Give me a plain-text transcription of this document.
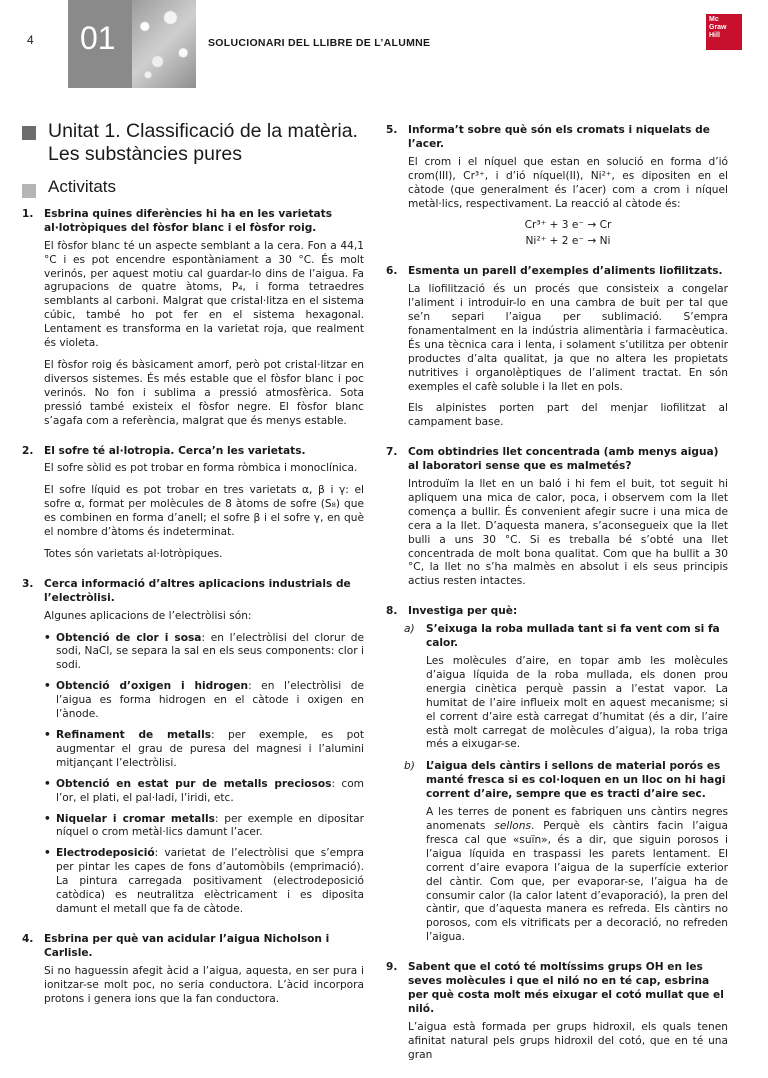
4 01	SOLUCIONARI DEL LLIBRE DE L’ALUMNE
Mc
Graw
Hill
Unitat 1. Classificació de la matèria. Les substàncies pures
Activitats
1. Esbrina quines diferències hi ha en les varietats al·lotròpiques del fòsfor blanc i el fòsfor roig.

El fòsfor blanc té un aspecte semblant a la cera. Fon a 44,1 °C i es pot encendre espontàniament a 30 °C. És molt verinós, per aquest motiu cal guardar-lo dins de l’aigua. Fa agrupacions de quatre àtoms, P₄, i forma tetraedres semblants al carboni. Malgrat que cristal·litza en el sistema cúbic, també ho pot fer en el sistema hexagonal. Lentament es transforma en la varietat roja, que realment és violeta.

El fòsfor roig és bàsicament amorf, però pot cristal·litzar en diversos sistemes. És més estable que el fòsfor blanc i poc verinós. No fon i sublima a pressió atmosfèrica. Sota pressió també existeix el fòsfor negre. El fòsfor blanc s’agafa com a referència, malgrat que és menys estable.

2. El sofre té al·lotropia. Cerca’n les varietats.

El sofre sòlid es pot trobar en forma ròmbica i monoclínica.

El sofre líquid es pot trobar en tres varietats α, β i γ: el sofre α, format per molècules de 8 àtoms de sofre (S₈) que es combinen en forma d’anell; el sofre β i el sofre γ, en què el nombre d’àtoms és indeterminat.

Totes són varietats al·lotròpiques.

3. Cerca informació d’altres aplicacions industrials de l’electròlisi.

Algunes aplicacions de l’electròlisi són:

• Obtenció de clor i sosa: en l’electròlisi del clorur de sodi, NaCl, se separa la sal en els seus components: clor i sodi.
• Obtenció d’oxigen i hidrogen: en l’electròlisi de l’aigua es forma hidrogen en el càtode i oxigen en l’ànode.
• Refinament de metalls: per exemple, es pot augmentar el grau de puresa del magnesi i l’alumini mitjançant l’electròlisi.
• Obtenció en estat pur de metalls preciosos: com l’or, el plati, el pal·ladi, l’iridi, etc.
• Niquelar i cromar metalls: per exemple en dipositar níquel o crom metàl·lics damunt l’acer.
• Electrodeposició: varietat de l’electròlisi que s’empra per pintar les capes de fons d’automòbils (emprimació). La pintura carregada positivament (electrodeposició catòdica) es neutralitza elèctricament i es diposita damunt el metall que fa de càtode.
4. Esbrina per què van acidular l’aigua Nicholson i Carlisle.

Si no haguessin afegit àcid a l’aigua, aquesta, en ser pura i ionitzar-se molt poc, no seria conductora. L’àcid incorpora protons i genera ions que la fan conductora.

5. Informa’t sobre què són els cromats i niquelats de l’acer.

El crom i el níquel que estan en solució en forma d’ió crom(III), Cr³⁺, i d’ió níquel(II), Ni²⁺, es dipositen en el càtode (que generalment és l’acer) com a crom i níquel metàl·lics, respectivament. La reacció al càtode és:

Cr³⁺ + 3 e⁻ → Cr
Ni²⁺ + 2 e⁻ → Ni
6. Esmenta un parell d’exemples d’aliments liofilitzats.

La liofilització és un procés que consisteix a congelar l’aliment i introduir-lo en una cambra de buit per tal que se’n separi l’aigua per sublimació. S’empra fonamentalment en la indústria alimentària i farmacèutica. És una tècnica cara i lenta, i solament s’utilitza per obtenir productes d’alta qualitat, ja que no altera les propietats nutritives i organolèptiques de l’aliment tractat. En són exemples el cafè soluble i la llet en pols.

Els alpinistes porten part del menjar liofilitzat al campament base.

7. Com obtindries llet concentrada (amb menys aigua) al laboratori sense que es malmetés?

Introduïm la llet en un baló i hi fem el buit, tot seguit hi apliquem una mica de calor, poca, i observem com la llet comença a bullir. És convenient afegir sucre i una mica de cera a la llet. D’aquesta manera, s’aconsegueix que la llet bulli a uns 30 °C. Si es treballa bé s’obté una llet concentrada de molt bona qualitat. Com que ha bullit a 30 °C, la llet no s’ha malmès en absolut i els seus principis actius resten intactes.

8. Investiga per què:
a) S’eixuga la roba mullada tant si fa vent com si fa calor.

Les molècules d’aire, en topar amb les molècules d’aigua líquida de la roba mullada, els donen prou energia cinètica perquè passin a l’estat vapor. La humitat de l’aire influeix molt en aquest mecanisme; si el corrent d’aire està carregat d’humitat (és a dir, l’aire està molt carregat de molècules d’aigua), la roba triga més a eixugar-se.

b) L’aigua dels càntirs i sellons de material porós es manté fresca si es col·loquen en un lloc on hi hagi corrent d’aire, sempre que es tracti d’aire sec.

A les terres de ponent es fabriquen uns càntirs negres anomenats sellons. Perquè els càntirs facin l’aigua fresca cal que «suïn», és a dir, que siguin porosos i l’aigua líquida en traspassi les parets lentament. El corrent d’aire evapora l’aigua de la superfície exterior del càntir. Com que, per evaporar-se, l’aigua ha de consumir calor (la calor latent d’evaporació), la pren del càntir, que d’aquesta manera es refreda. Els càntirs no porosos, com els vitrificats per a decoració, no refreden l’aigua.

9. Sabent que el cotó té moltíssims grups OH en les seves molècules i que el niló no en té cap, esbrina per què costa molt més eixugar el cotó mullat que el niló.

L’aigua està formada per grups hidroxil, els quals tenen afinitat natural pels grups hidroxil del cotó, que en té una gran
